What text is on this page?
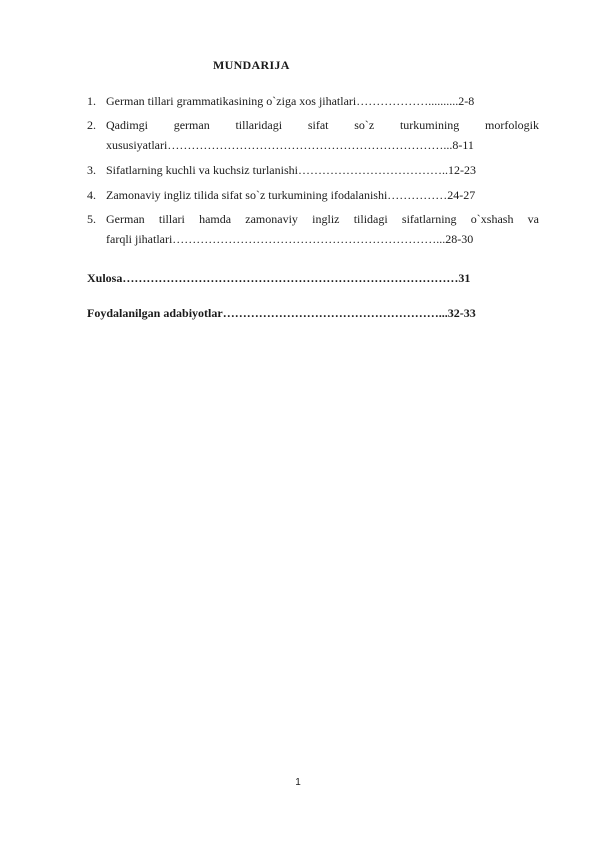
MUNDARIJA
1. German tillari grammatikasining o`ziga xos jihatlari………………..........2-8
2. Qadimgi german tillaridagi sifat so`z turkumining morfologik
xususiyatlari……………………………………………………………...8-11
3. Sifatlarning kuchli va kuchsiz turlanishi………………………………..12-23
4. Zamonaviy ingliz tilida sifat so`z turkumining ifodalanishi……………24-27
5. German tillari hamda zamonaviy ingliz tilidagi sifatlarning o`xshash va
farqli jihatlari…………………………………………………………...28-30
Xulosa…………………………………………………………………………31
Foydalanilgan adabiyotlar………………………………………………...32-33
1
